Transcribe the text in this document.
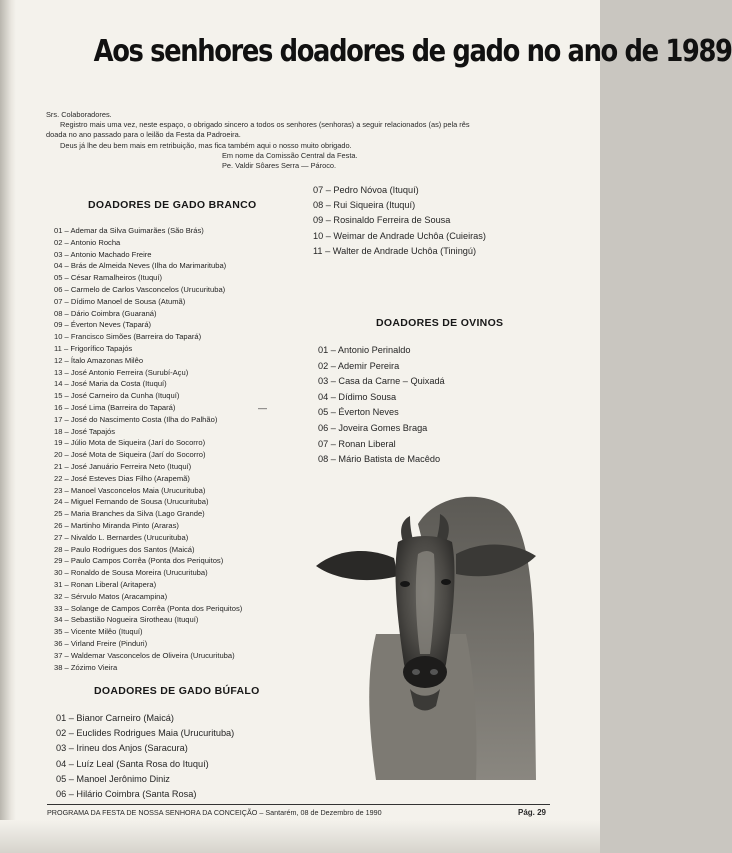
Aos senhores doadores de gado no ano de 1989
Srs. Colaboradores.
Registro mais uma vez, neste espaço, o obrigado sincero a todos os senhores (senhoras) a seguir relacionados (as) pela rês
doada no ano passado para o leilão da Festa da Padroeira.
Deus já lhe deu bem mais em retribuição, mas fica também aqui o nosso muito obrigado.
Em nome da Comissão Central da Festa.
Pe. Valdir Sôares Serra — Pároco.
DOADORES DE GADO BRANCO
01 – Ademar da Silva Guimarães (São Brás)
02 – Antonio Rocha
03 – Antonio Machado Freire
04 – Brás de Almeida Neves (Ilha do Marimarituba)
05 – César Ramalheiros (Ituquí)
06 – Carmelo de Carlos Vasconcelos (Urucurituba)
07 – Dídimo Manoel de Sousa (Atumã)
08 – Dário Coimbra (Guaraná)
09 – Éverton Neves (Tapará)
10 – Francisco Simões (Barreira do Tapará)
11 – Frigorífico Tapajós
12 – Ítalo Amazonas Milêo
13 – José Antonio Ferreira (Surubí-Açu)
14 – José Maria da Costa (Ituquí)
15 – José Carneiro da Cunha (Ituquí)
16 – José Lima (Barreira do Tapará)
17 – José do Nascimento Costa (Ilha do Palhão)
18 – José Tapajós
19 – Júlio Mota de Siqueira (Jarí do Socorro)
20 – José Mota de Siqueira (Jarí do Socorro)
21 – José Januário Ferreira Neto (Ituquí)
22 – José Esteves Dias Filho (Arapemã)
23 – Manoel Vasconcelos Maia (Urucurituba)
24 – Miguel Fernando de Sousa (Urucurituba)
25 – Maria Branches da Silva (Lago Grande)
26 – Martinho Miranda Pinto (Araras)
27 – Nivaldo L. Bernardes (Urucurituba)
28 – Paulo Rodrigues dos Santos (Maicá)
29 – Paulo Campos Corrêa (Ponta dos Periquitos)
30 – Ronaldo de Sousa Moreira (Urucurituba)
31 – Ronan Liberal (Aritapera)
32 – Sérvulo Matos (Aracampina)
33 – Solange de Campos Corrêa (Ponta dos Periquitos)
34 – Sebastião Nogueira Sirotheau (Ituquí)
35 – Vicente Milêo (Ituquí)
36 – Virland Freire (Pinduri)
37 – Waldemar Vasconcelos de Oliveira (Urucurituba)
38 – Zózimo Vieira
—
DOADORES DE GADO BÚFALO
01 – Bianor Carneiro (Maicá)
02 – Euclides Rodrigues Maia (Urucurituba)
03 – Irineu dos Anjos (Saracura)
04 – Luíz Leal (Santa Rosa do Ituquí)
05 – Manoel Jerônimo Diniz
06 – Hilário Coimbra (Santa Rosa)
07 – Pedro Nóvoa (Ituquí)
08 – Rui Siqueira (Ituquí)
09 – Rosinaldo Ferreira de Sousa
10 – Weimar de Andrade Uchôa (Cuieiras)
11 – Walter de Andrade Uchôa (Tiningú)
DOADORES DE OVINOS
01 – Antonio Perinaldo
02 – Ademir Pereira
03 – Casa da Carne – Quixadá
04 – Dídimo Sousa
05 – Éverton Neves
06 – Joveira Gomes Braga
07 – Ronan Liberal
08 – Mário Batista de Macêdo
PROGRAMA DA FESTA DE NOSSA SENHORA DA CONCEIÇÃO – Santarém, 08 de Dezembro de 1990	Pág. 29
